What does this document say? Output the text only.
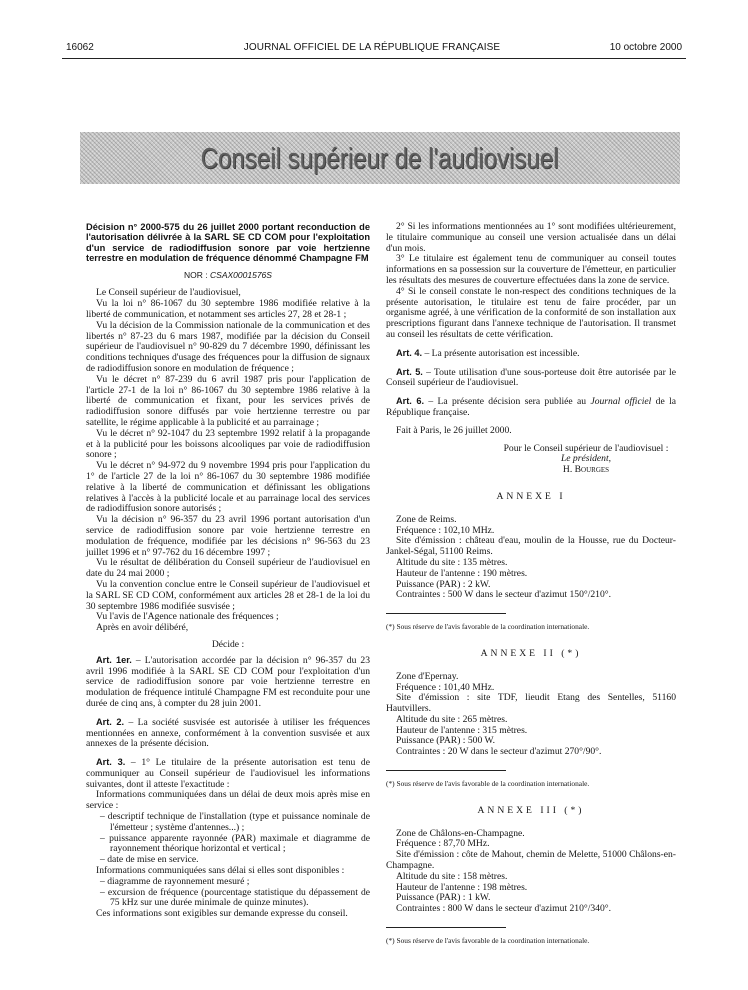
16062	JOURNAL OFFICIEL DE LA RÉPUBLIQUE FRANÇAISE	10 octobre 2000
Conseil supérieur de l'audiovisuel
Décision n° 2000-575 du 26 juillet 2000 portant reconduction de l'autorisation délivrée à la SARL SE CD COM pour l'exploitation d'un service de radiodiffusion sonore par voie hertzienne terrestre en modulation de fréquence dénommé Champagne FM
NOR : CSAX0001576S

Le Conseil supérieur de l'audiovisuel,

Vu la loi n° 86-1067 du 30 septembre 1986 modifiée relative à la liberté de communication, et notamment ses articles 27, 28 et 28-1 ;

Vu la décision de la Commission nationale de la communication et des libertés n° 87-23 du 6 mars 1987, modifiée par la décision du Conseil supérieur de l'audiovisuel n° 90-829 du 7 décembre 1990, définissant les conditions techniques d'usage des fréquences pour la diffusion de signaux de radiodiffusion sonore en modulation de fréquence ;

Vu le décret n° 87-239 du 6 avril 1987 pris pour l'application de l'article 27-1 de la loi n° 86-1067 du 30 septembre 1986 relative à la liberté de communication et fixant, pour les services privés de radiodiffusion sonore diffusés par voie hertzienne terrestre ou par satellite, le régime applicable à la publicité et au parrainage ;

Vu le décret n° 92-1047 du 23 septembre 1992 relatif à la propagande et à la publicité pour les boissons alcooliques par voie de radiodiffusion sonore ;

Vu le décret n° 94-972 du 9 novembre 1994 pris pour l'application du 1° de l'article 27 de la loi n° 86-1067 du 30 septembre 1986 modifiée relative à la liberté de communication et définissant les obligations relatives à l'accès à la publicité locale et au parrainage local des services de radiodiffusion sonore autorisés ;

Vu la décision n° 96-357 du 23 avril 1996 portant autorisation d'un service de radiodiffusion sonore par voie hertzienne terrestre en modulation de fréquence, modifiée par les décisions n° 96-563 du 23 juillet 1996 et n° 97-762 du 16 décembre 1997 ;

Vu le résultat de délibération du Conseil supérieur de l'audiovisuel en date du 24 mai 2000 ;

Vu la convention conclue entre le Conseil supérieur de l'audiovisuel et la SARL SE CD COM, conformément aux articles 28 et 28-1 de la loi du 30 septembre 1986 modifiée susvisée ;

Vu l'avis de l'Agence nationale des fréquences ;

Après en avoir délibéré,

Décide :

Art. 1er. – L'autorisation accordée par la décision n° 96-357 du 23 avril 1996 modifiée à la SARL SE CD COM pour l'exploitation d'un service de radiodiffusion sonore par voie hertzienne terrestre en modulation de fréquence intitulé Champagne FM est reconduite pour une durée de cinq ans, à compter du 28 juin 2001.

Art. 2. – La société susvisée est autorisée à utiliser les fréquences mentionnées en annexe, conformément à la convention susvisée et aux annexes de la présente décision.

Art. 3. – 1° Le titulaire de la présente autorisation est tenu de communiquer au Conseil supérieur de l'audiovisuel les informations suivantes, dont il atteste l'exactitude :

Informations communiquées dans un délai de deux mois après mise en service :

– descriptif technique de l'installation (type et puissance nominale de l'émetteur ; système d'antennes...) ;
– puissance apparente rayonnée (PAR) maximale et diagramme de rayonnement théorique horizontal et vertical ;
– date de mise en service.

Informations communiquées sans délai si elles sont disponibles :

– diagramme de rayonnement mesuré ;
– excursion de fréquence (pourcentage statistique du dépassement de 75 kHz sur une durée minimale de quinze minutes).

Ces informations sont exigibles sur demande expresse du conseil.

2° Si les informations mentionnées au 1° sont modifiées ultérieurement, le titulaire communique au conseil une version actualisée dans un délai d'un mois.

3° Le titulaire est également tenu de communiquer au conseil toutes informations en sa possession sur la couverture de l'émetteur, en particulier les résultats des mesures de couverture effectuées dans la zone de service.

4° Si le conseil constate le non-respect des conditions techniques de la présente autorisation, le titulaire est tenu de faire procéder, par un organisme agréé, à une vérification de la conformité de son installation aux prescriptions figurant dans l'annexe technique de l'autorisation. Il transmet au conseil les résultats de cette vérification.

Art. 4. – La présente autorisation est incessible.

Art. 5. – Toute utilisation d'une sous-porteuse doit être autorisée par le Conseil supérieur de l'audiovisuel.

Art. 6. – La présente décision sera publiée au Journal officiel de la République française.

Fait à Paris, le 26 juillet 2000.

Pour le Conseil supérieur de l'audiovisuel :
Le président,
H. Bourges

ANNEXE I

Zone de Reims.

Fréquence : 102,10 MHz.

Site d'émission : château d'eau, moulin de la Housse, rue du Docteur-Jankel-Ségal, 51100 Reims.

Altitude du site : 135 mètres.

Hauteur de l'antenne : 190 mètres.

Puissance (PAR) : 2 kW.

Contraintes : 500 W dans le secteur d'azimut 150°/210°.

(*) Sous réserve de l'avis favorable de la coordination internationale.

ANNEXE II (*)

Zone d'Epernay.

Fréquence : 101,40 MHz.

Site d'émission : site TDF, lieudit Etang des Sentelles, 51160 Hautvillers.

Altitude du site : 265 mètres.

Hauteur de l'antenne : 315 mètres.

Puissance (PAR) : 500 W.

Contraintes : 20 W dans le secteur d'azimut 270°/90°.

(*) Sous réserve de l'avis favorable de la coordination internationale.

ANNEXE III (*)

Zone de Châlons-en-Champagne.

Fréquence : 87,70 MHz.

Site d'émission : côte de Mahout, chemin de Melette, 51000 Châlons-en-Champagne.

Altitude du site : 158 mètres.

Hauteur de l'antenne : 198 mètres.

Puissance (PAR) : 1 kW.

Contraintes : 800 W dans le secteur d'azimut 210°/340°.

(*) Sous réserve de l'avis favorable de la coordination internationale.
